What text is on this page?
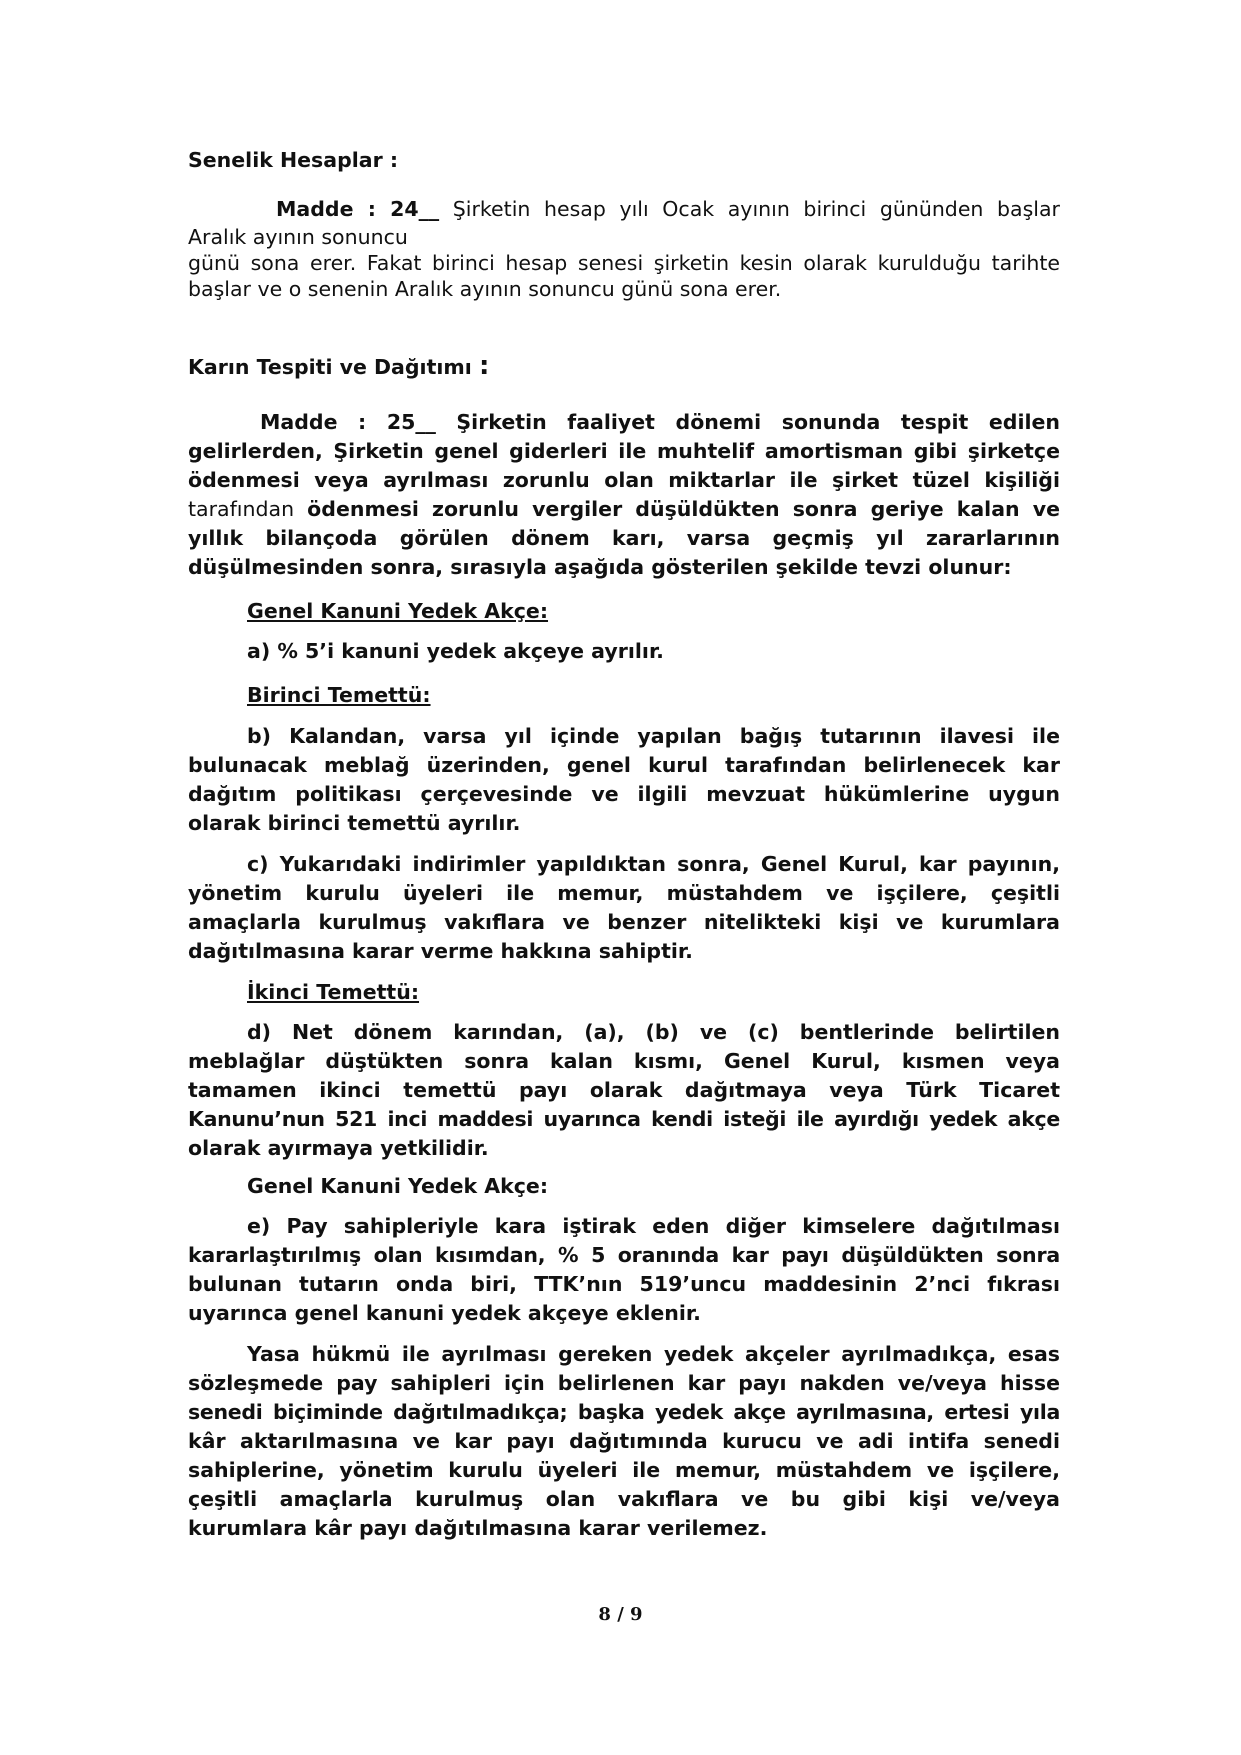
Senelik Hesaplar :
Madde : 24__ Şirketin hesap yılı Ocak ayının birinci gününden başlar
Aralık ayının sonuncu
günü sona erer. Fakat birinci hesap senesi şirketin kesin olarak kurulduğu tarihte
başlar ve o senenin Aralık ayının sonuncu günü sona erer.
Karın Tespiti ve Dağıtımı :
Madde : 25__ Şirketin faaliyet dönemi sonunda tespit edilen
gelirlerden, Şirketin genel giderleri ile muhtelif amortisman gibi şirketçe
ödenmesi veya ayrılması zorunlu olan miktarlar ile şirket tüzel kişiliği
tarafından ödenmesi zorunlu vergiler düşüldükten sonra geriye kalan ve
yıllık bilançoda görülen dönem karı, varsa geçmiş yıl zararlarının
düşülmesinden sonra, sırasıyla aşağıda gösterilen şekilde tevzi olunur:
Genel Kanuni Yedek Akçe:
a) % 5’i kanuni yedek akçeye ayrılır.
Birinci Temettü:
b) Kalandan, varsa yıl içinde yapılan bağış tutarının ilavesi ile
bulunacak meblağ üzerinden, genel kurul tarafından belirlenecek kar
dağıtım politikası çerçevesinde ve ilgili mevzuat hükümlerine uygun
olarak birinci temettü ayrılır.
c) Yukarıdaki indirimler yapıldıktan sonra, Genel Kurul, kar payının,
yönetim kurulu üyeleri ile memur, müstahdem ve işçilere, çeşitli
amaçlarla kurulmuş vakıflara ve benzer nitelikteki kişi ve kurumlara
dağıtılmasına karar verme hakkına sahiptir.
İkinci Temettü:
d) Net dönem karından, (a), (b) ve (c) bentlerinde belirtilen
meblağlar düştükten sonra kalan kısmı, Genel Kurul, kısmen veya
tamamen ikinci temettü payı olarak dağıtmaya veya Türk Ticaret
Kanunu’nun 521 inci maddesi uyarınca kendi isteği ile ayırdığı yedek akçe
olarak ayırmaya yetkilidir.
Genel Kanuni Yedek Akçe:
e) Pay sahipleriyle kara iştirak eden diğer kimselere dağıtılması
kararlaştırılmış olan kısımdan, % 5 oranında kar payı düşüldükten sonra
bulunan tutarın onda biri, TTK’nın 519’uncu maddesinin 2’nci fıkrası
uyarınca genel kanuni yedek akçeye eklenir.
Yasa hükmü ile ayrılması gereken yedek akçeler ayrılmadıkça, esas
sözleşmede pay sahipleri için belirlenen kar payı nakden ve/veya hisse
senedi biçiminde dağıtılmadıkça; başka yedek akçe ayrılmasına, ertesi yıla
kâr aktarılmasına ve kar payı dağıtımında kurucu ve adi intifa senedi
sahiplerine, yönetim kurulu üyeleri ile memur, müstahdem ve işçilere,
çeşitli amaçlarla kurulmuş olan vakıflara ve bu gibi kişi ve/veya
kurumlara kâr payı dağıtılmasına karar verilemez.
8 / 9
